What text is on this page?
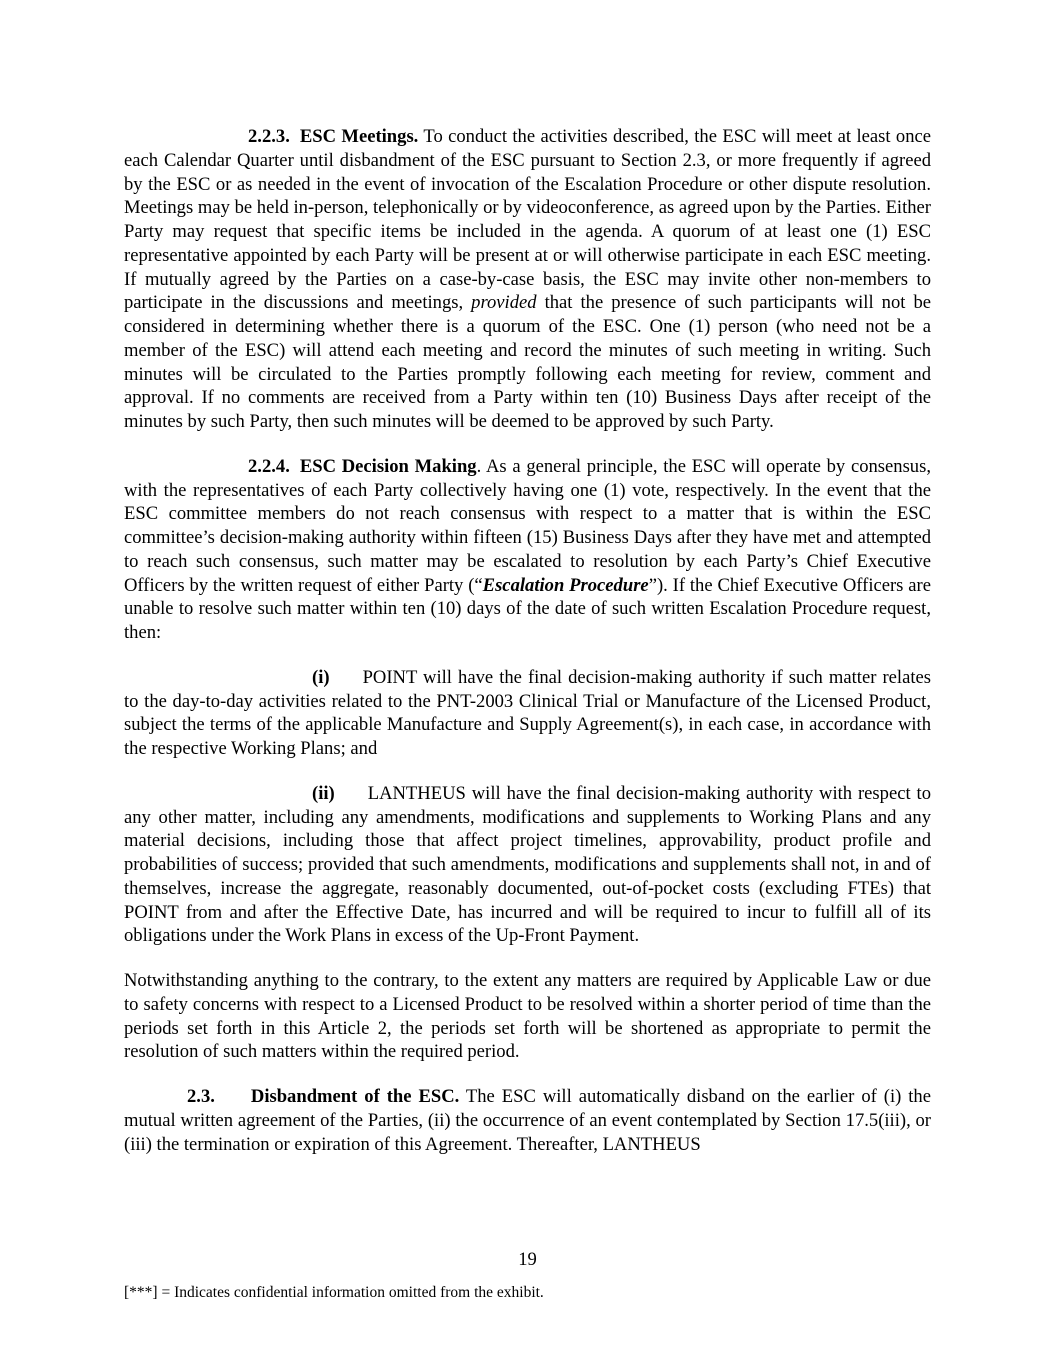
2.2.3. ESC Meetings. To conduct the activities described, the ESC will meet at least once each Calendar Quarter until disbandment of the ESC pursuant to Section 2.3, or more frequently if agreed by the ESC or as needed in the event of invocation of the Escalation Procedure or other dispute resolution. Meetings may be held in-person, telephonically or by videoconference, as agreed upon by the Parties. Either Party may request that specific items be included in the agenda. A quorum of at least one (1) ESC representative appointed by each Party will be present at or will otherwise participate in each ESC meeting. If mutually agreed by the Parties on a case-by-case basis, the ESC may invite other non-members to participate in the discussions and meetings, provided that the presence of such participants will not be considered in determining whether there is a quorum of the ESC. One (1) person (who need not be a member of the ESC) will attend each meeting and record the minutes of such meeting in writing. Such minutes will be circulated to the Parties promptly following each meeting for review, comment and approval. If no comments are received from a Party within ten (10) Business Days after receipt of the minutes by such Party, then such minutes will be deemed to be approved by such Party.

2.2.4. ESC Decision Making. As a general principle, the ESC will operate by consensus, with the representatives of each Party collectively having one (1) vote, respectively. In the event that the ESC committee members do not reach consensus with respect to a matter that is within the ESC committee’s decision-making authority within fifteen (15) Business Days after they have met and attempted to reach such consensus, such matter may be escalated to resolution by each Party’s Chief Executive Officers by the written request of either Party (“Escalation Procedure”). If the Chief Executive Officers are unable to resolve such matter within ten (10) days of the date of such written Escalation Procedure request, then:

(i) POINT will have the final decision-making authority if such matter relates to the day-to-day activities related to the PNT-2003 Clinical Trial or Manufacture of the Licensed Product, subject the terms of the applicable Manufacture and Supply Agreement(s), in each case, in accordance with the respective Working Plans; and

(ii) LANTHEUS will have the final decision-making authority with respect to any other matter, including any amendments, modifications and supplements to Working Plans and any material decisions, including those that affect project timelines, approvability, product profile and probabilities of success; provided that such amendments, modifications and supplements shall not, in and of themselves, increase the aggregate, reasonably documented, out-of-pocket costs (excluding FTEs) that POINT from and after the Effective Date, has incurred and will be required to incur to fulfill all of its obligations under the Work Plans in excess of the Up-Front Payment.

Notwithstanding anything to the contrary, to the extent any matters are required by Applicable Law or due to safety concerns with respect to a Licensed Product to be resolved within a shorter period of time than the periods set forth in this Article 2, the periods set forth will be shortened as appropriate to permit the resolution of such matters within the required period.

2.3. Disbandment of the ESC. The ESC will automatically disband on the earlier of (i) the mutual written agreement of the Parties, (ii) the occurrence of an event contemplated by Section 17.5(iii), or (iii) the termination or expiration of this Agreement. Thereafter, LANTHEUS

19
[***] = Indicates confidential information omitted from the exhibit.
